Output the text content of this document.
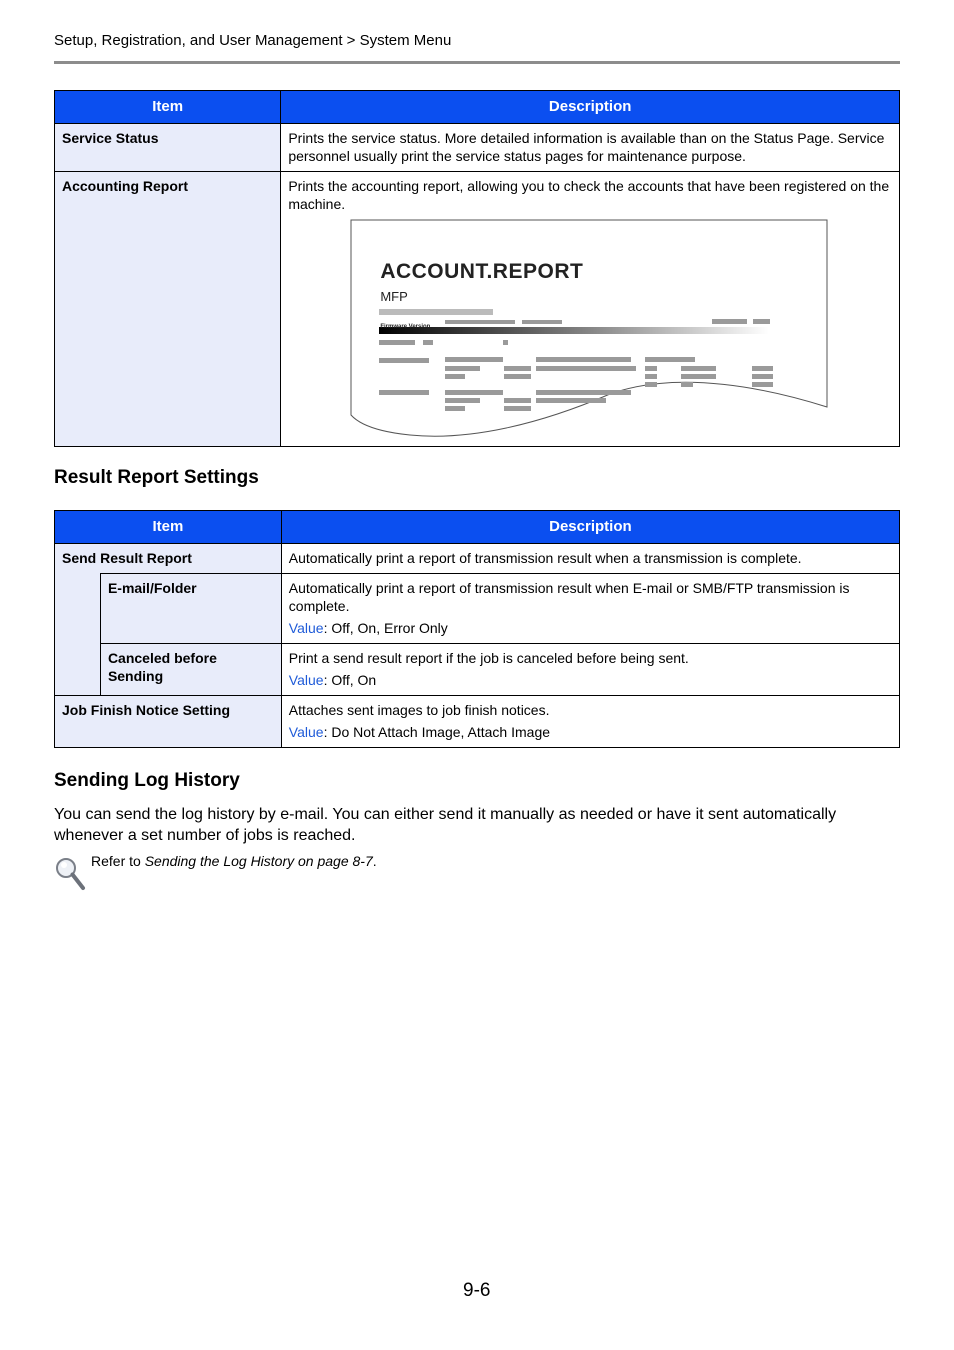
Setup, Registration, and User Management > System Menu
Item	Description
Service Status	Prints the service status. More detailed information is available than on the Status Page. Service personnel usually print the service status pages for maintenance purpose.
Accounting Report	Prints the accounting report, allowing you to check the accounts that have been registered on the machine.
ACCOUNT.REPORT
MFP
Firmware Version
Result Report Settings
Item		Description
Send Result Report		Automatically print a report of transmission result when a transmission is complete.
	E-mail/Folder	Automatically print a report of transmission result when E-mail or SMB/FTP transmission is complete.
Value: Off, On, Error Only

	Canceled before Sending	Print a send result report if the job is canceled before being sent.
Value: Off, On

Job Finish Notice Setting		Attaches sent images to job finish notices.
Value: Do Not Attach Image, Attach Image
Sending Log History

You can send the log history by e-mail. You can either send it manually as needed or have it sent automatically whenever a set number of jobs is reached.

Refer to Sending the Log History on page 8-7.
9-6
